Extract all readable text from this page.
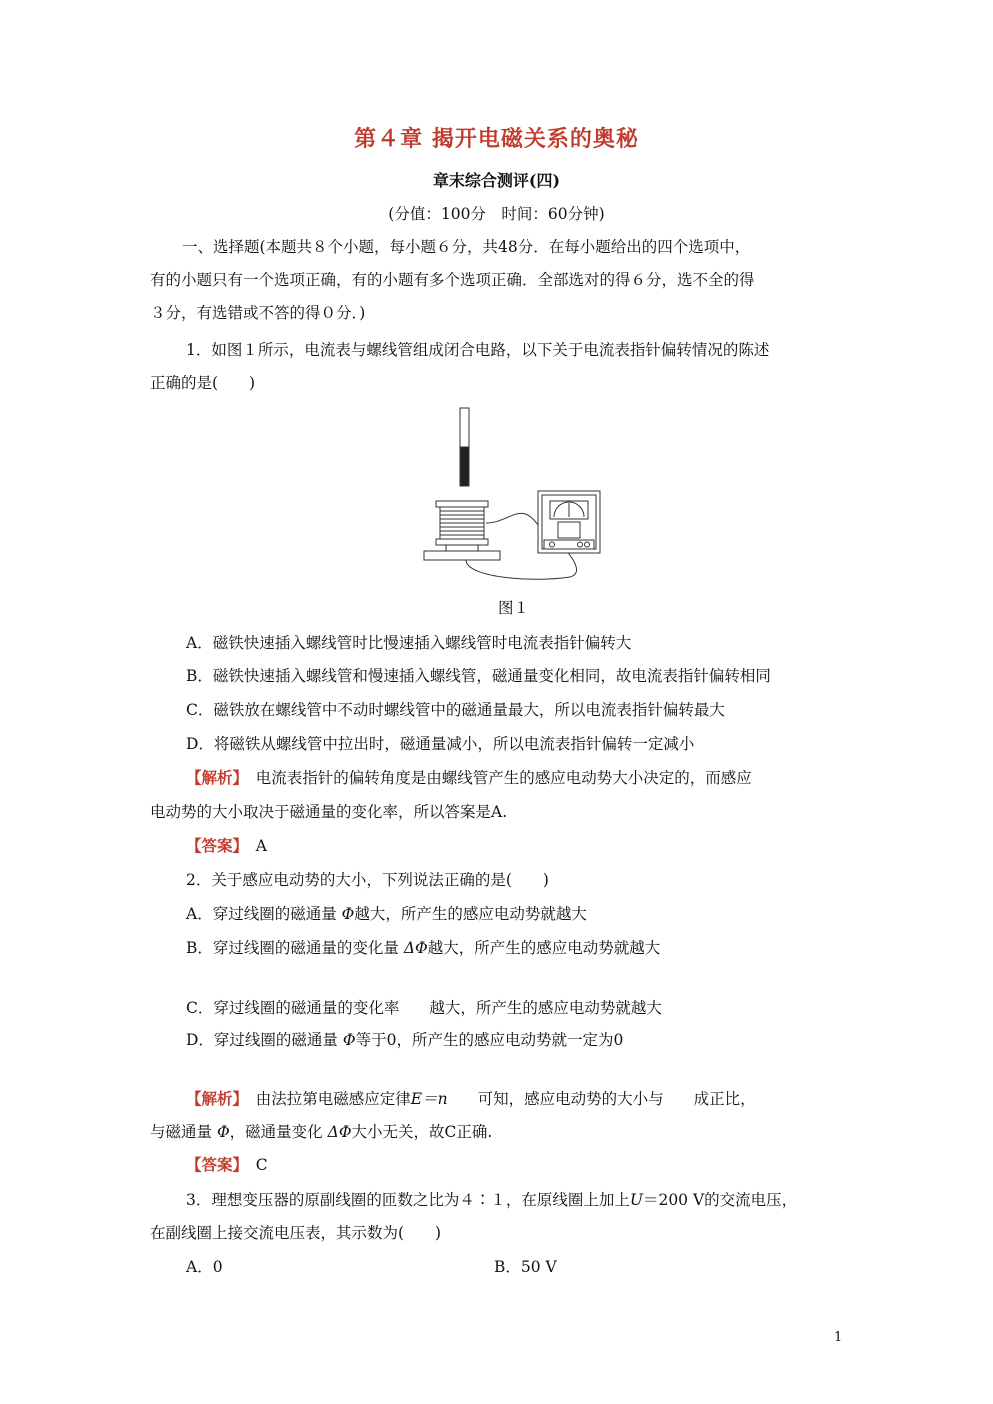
第４章 揭开电磁关系的奥秘
章末综合测评(四)
(分值：100分　时间：60分钟)
一、选择题(本题共８个小题，每小题６分，共48分．在每小题给出的四个选项中，
有的小题只有一个选项正确，有的小题有多个选项正确．全部选对的得６分，选不全的得
３分，有选错或不答的得０分．)
1．如图１所示，电流表与螺线管组成闭合电路，以下关于电流表指针偏转情况的陈述
正确的是(　　)
图１
A．磁铁快速插入螺线管时比慢速插入螺线管时电流表指针偏转大
B．磁铁快速插入螺线管和慢速插入螺线管，磁通量变化相同，故电流表指针偏转相同
C．磁铁放在螺线管中不动时螺线管中的磁通量最大，所以电流表指针偏转最大
D．将磁铁从螺线管中拉出时，磁通量减小，所以电流表指针偏转一定减小
【解析】　 电流表指针的偏转角度是由螺线管产生的感应电动势大小决定的，而感应
电动势的大小取决于磁通量的变化率，所以答案是A.
【答案】　 A
2．关于感应电动势的大小，下列说法正确的是(　　)
A．穿过线圈的磁通量 Φ越大，所产生的感应电动势就越大
B．穿过线圈的磁通量的变化量 ΔΦ越大，所产生的感应电动势就越大
C．穿过线圈的磁通量的变化率 越大，所产生的感应电动势就越大
D．穿过线圈的磁通量 Φ等于0，所产生的感应电动势就一定为0
【解析】　 由法拉第电磁感应定律E＝n 可知，感应电动势的大小与 成正比，
与磁通量 Φ，磁通量变化 ΔΦ大小无关，故C正确.
【答案】　 C
3．理想变压器的原副线圈的匝数之比为４∶１，在原线圈上加上U＝200 V的交流电压，
在副线圈上接交流电压表，其示数为(　　)
A．0	B．50 V
1
